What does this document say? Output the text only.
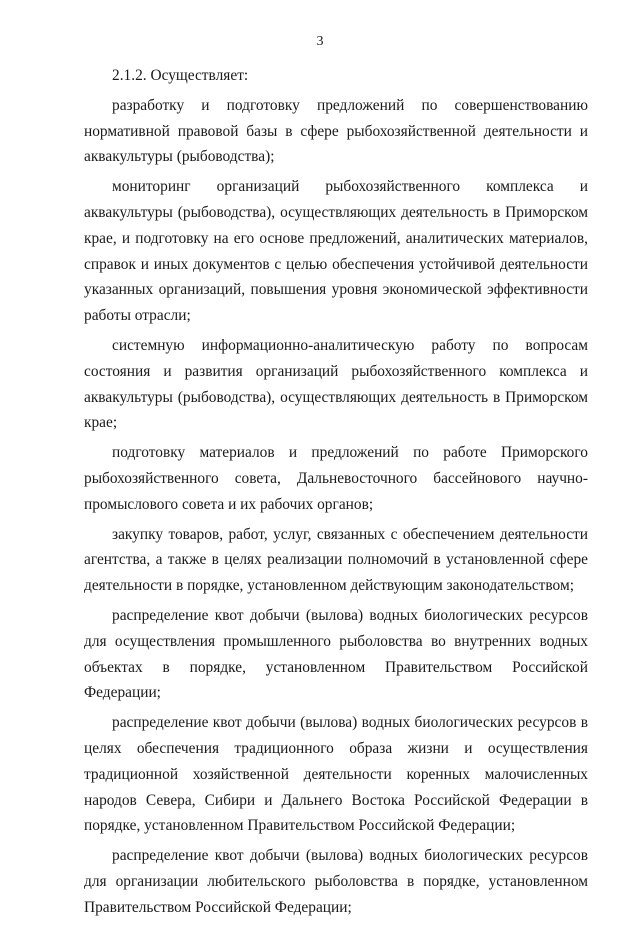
3

2.1.2. Осуществляет:

разработку и подготовку предложений по совершенствованию нормативной правовой базы в сфере рыбохозяйственной деятельности и аквакультуры (рыбоводства);

мониторинг организаций рыбохозяйственного комплекса и аквакультуры (рыбоводства), осуществляющих деятельность в Приморском крае, и подготовку на его основе предложений, аналитических материалов, справок и иных документов с целью обеспечения устойчивой деятельности указанных организаций, повышения уровня экономической эффективности работы отрасли;

системную информационно-аналитическую работу по вопросам состояния и развития организаций рыбохозяйственного комплекса и аквакультуры (рыбоводства), осуществляющих деятельность в Приморском крае;

подготовку материалов и предложений по работе Приморского рыбохозяйственного совета, Дальневосточного бассейнового научно-промыслового совета и их рабочих органов;

закупку товаров, работ, услуг, связанных с обеспечением деятельности агентства, а также в целях реализации полномочий в установленной сфере деятельности в порядке, установленном действующим законодательством;

распределение квот добычи (вылова) водных биологических ресурсов для осуществления промышленного рыболовства во внутренних водных объектах в порядке, установленном Правительством Российской Федерации;

распределение квот добычи (вылова) водных биологических ресурсов в целях обеспечения традиционного образа жизни и осуществления традиционной хозяйственной деятельности коренных малочисленных народов Севера, Сибири и Дальнего Востока Российской Федерации в порядке, установленном Правительством Российской Федерации;

распределение квот добычи (вылова) водных биологических ресурсов для организации любительского рыболовства в порядке, установленном Правительством Российской Федерации;
